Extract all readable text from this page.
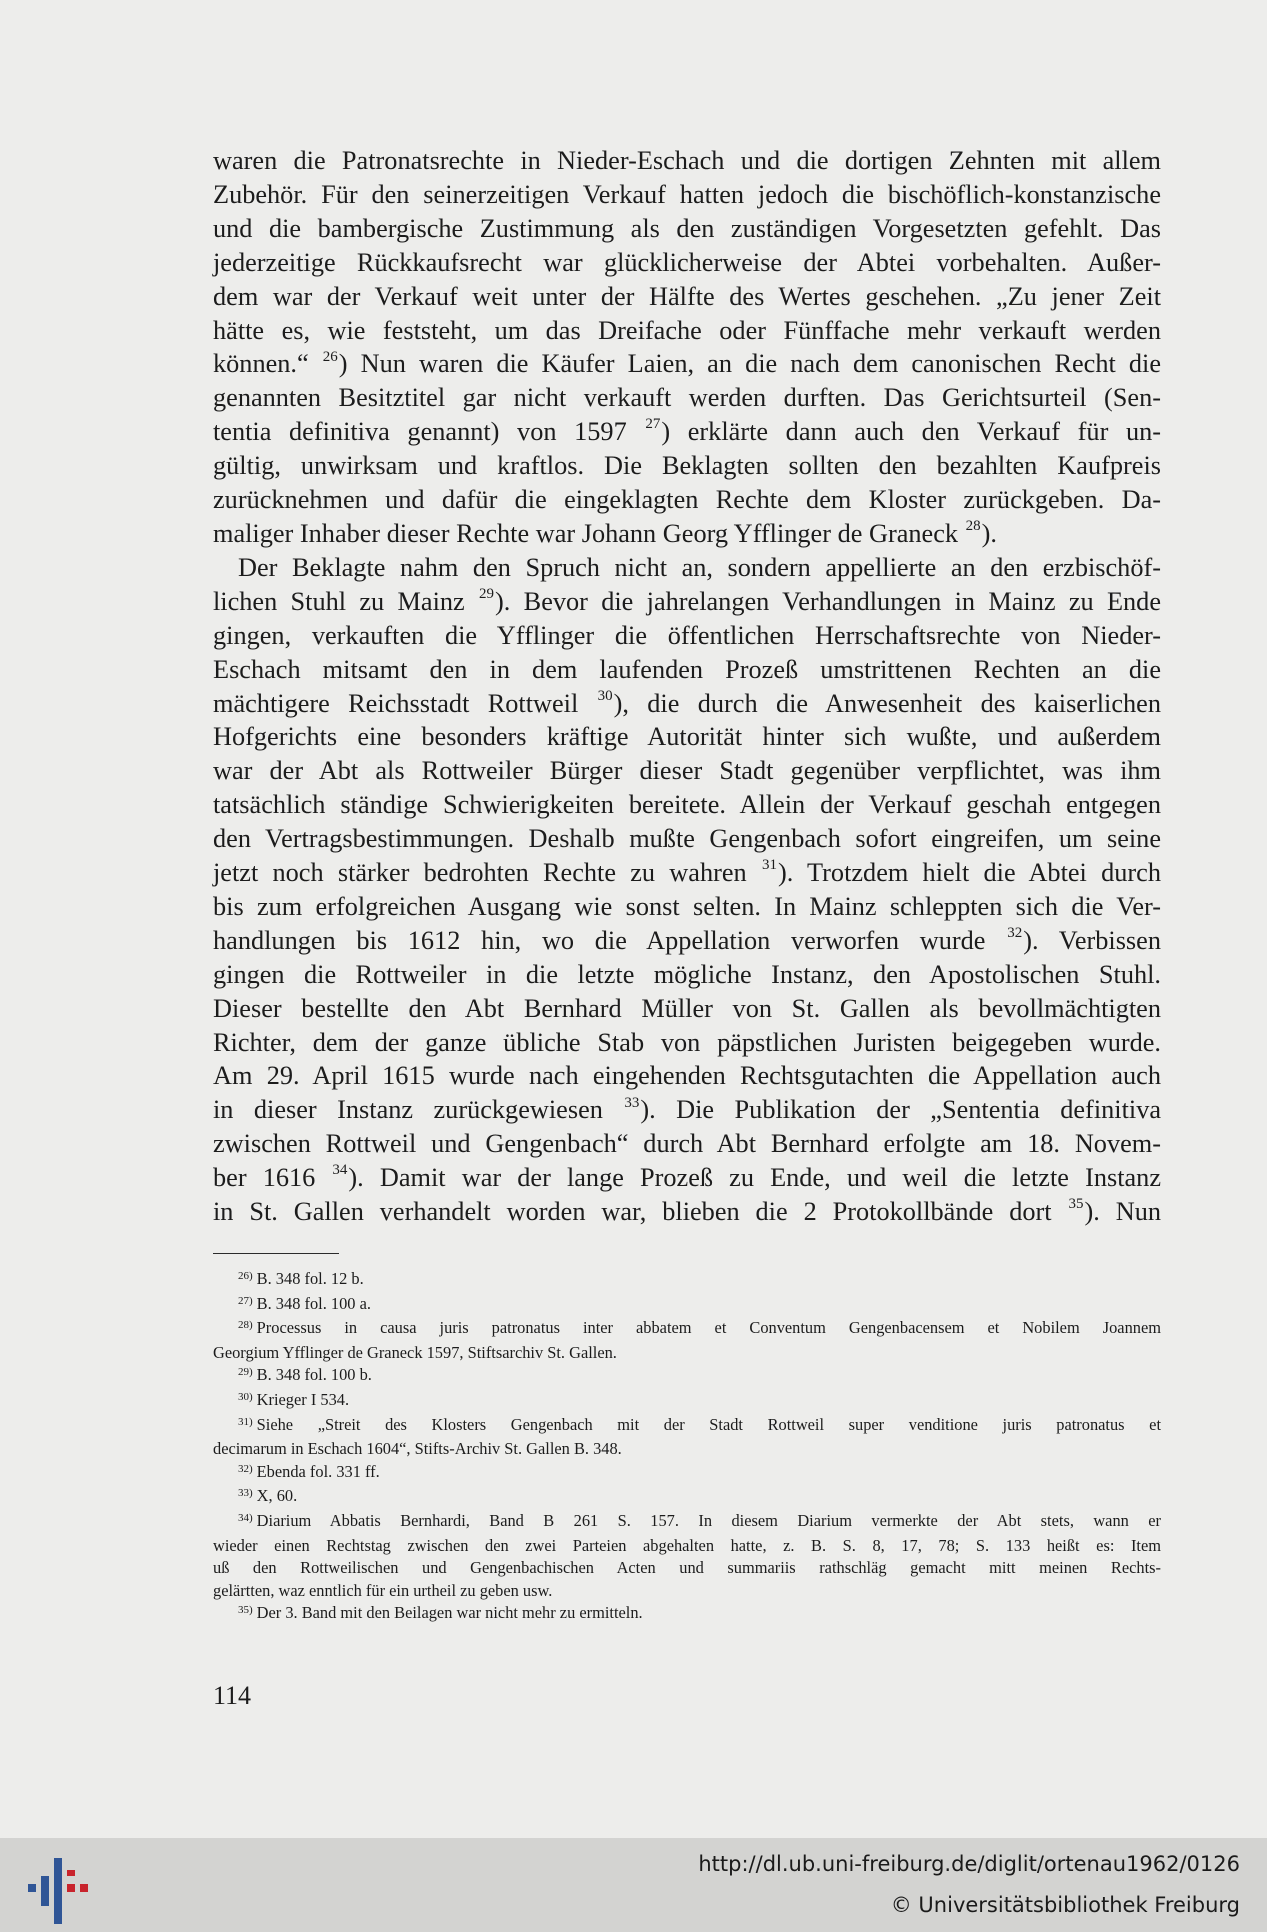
waren die Patronatsrechte in Nieder-Eschach und die dortigen Zehnten mit allem
Zubehör. Für den seinerzeitigen Verkauf hatten jedoch die bischöflich-konstanzische
und die bambergische Zustimmung als den zuständigen Vorgesetzten gefehlt. Das
jederzeitige Rückkaufsrecht war glücklicherweise der Abtei vorbehalten. Außer-
dem war der Verkauf weit unter der Hälfte des Wertes geschehen. „Zu jener Zeit
hätte es, wie feststeht, um das Dreifache oder Fünffache mehr verkauft werden
können.“ $^{26}$) Nun waren die Käufer Laien, an die nach dem canonischen Recht die
genannten Besitztitel gar nicht verkauft werden durften. Das Gerichtsurteil (Sen-
tentia definitiva genannt) von 1597 $^{27}$) erklärte dann auch den Verkauf für un-
gültig, unwirksam und kraftlos. Die Beklagten sollten den bezahlten Kaufpreis
zurücknehmen und dafür die eingeklagten Rechte dem Kloster zurückgeben. Da-
maliger Inhaber dieser Rechte war Johann Georg Yfflinger de Graneck $^{28}$).
Der Beklagte nahm den Spruch nicht an, sondern appellierte an den erzbischöf-
lichen Stuhl zu Mainz $^{29}$). Bevor die jahrelangen Verhandlungen in Mainz zu Ende
gingen, verkauften die Yfflinger die öffentlichen Herrschaftsrechte von Nieder-
Eschach mitsamt den in dem laufenden Prozeß umstrittenen Rechten an die
mächtigere Reichsstadt Rottweil $^{30}$), die durch die Anwesenheit des kaiserlichen
Hofgerichts eine besonders kräftige Autorität hinter sich wußte, und außerdem
war der Abt als Rottweiler Bürger dieser Stadt gegenüber verpflichtet, was ihm
tatsächlich ständige Schwierigkeiten bereitete. Allein der Verkauf geschah entgegen
den Vertragsbestimmungen. Deshalb mußte Gengenbach sofort eingreifen, um seine
jetzt noch stärker bedrohten Rechte zu wahren $^{31}$). Trotzdem hielt die Abtei durch
bis zum erfolgreichen Ausgang wie sonst selten. In Mainz schleppten sich die Ver-
handlungen bis 1612 hin, wo die Appellation verworfen wurde $^{32}$). Verbissen
gingen die Rottweiler in die letzte mögliche Instanz, den Apostolischen Stuhl.
Dieser bestellte den Abt Bernhard Müller von St. Gallen als bevollmächtigten
Richter, dem der ganze übliche Stab von päpstlichen Juristen beigegeben wurde.
Am 29. April 1615 wurde nach eingehenden Rechtsgutachten die Appellation auch
in dieser Instanz zurückgewiesen $^{33}$). Die Publikation der „Sententia definitiva
zwischen Rottweil und Gengenbach“ durch Abt Bernhard erfolgte am 18. Novem-
ber 1616 $^{34}$). Damit war der lange Prozeß zu Ende, und weil die letzte Instanz
in St. Gallen verhandelt worden war, blieben die 2 Protokollbände dort $^{35}$). Nun
$^{26)}$ B. 348 fol. 12 b.
$^{27)}$ B. 348 fol. 100 a.
$^{28)}$ Processus in causa juris patronatus inter abbatem et Conventum Gengenbacensem et Nobilem Joannem
Georgium Yfflinger de Graneck 1597, Stiftsarchiv St. Gallen.
$^{29)}$ B. 348 fol. 100 b.
$^{30)}$ Krieger I 534.
$^{31)}$ Siehe „Streit des Klosters Gengenbach mit der Stadt Rottweil super venditione juris patronatus et
decimarum in Eschach 1604“, Stifts-Archiv St. Gallen B. 348.
$^{32)}$ Ebenda fol. 331 ff.
$^{33)}$ X, 60.
$^{34)}$ Diarium Abbatis Bernhardi, Band B 261 S. 157. In diesem Diarium vermerkte der Abt stets, wann er
wieder einen Rechtstag zwischen den zwei Parteien abgehalten hatte, z. B. S. 8, 17, 78; S. 133 heißt es: Item
uß den Rottweilischen und Gengenbachischen Acten und summariis rathschläg gemacht mitt meinen Rechts-
gelärtten, waz enntlich für ein urtheil zu geben usw.
$^{35)}$ Der 3. Band mit den Beilagen war nicht mehr zu ermitteln.
114
http://dl.ub.uni-freiburg.de/diglit/ortenau1962/0126
© Universitätsbibliothek Freiburg
